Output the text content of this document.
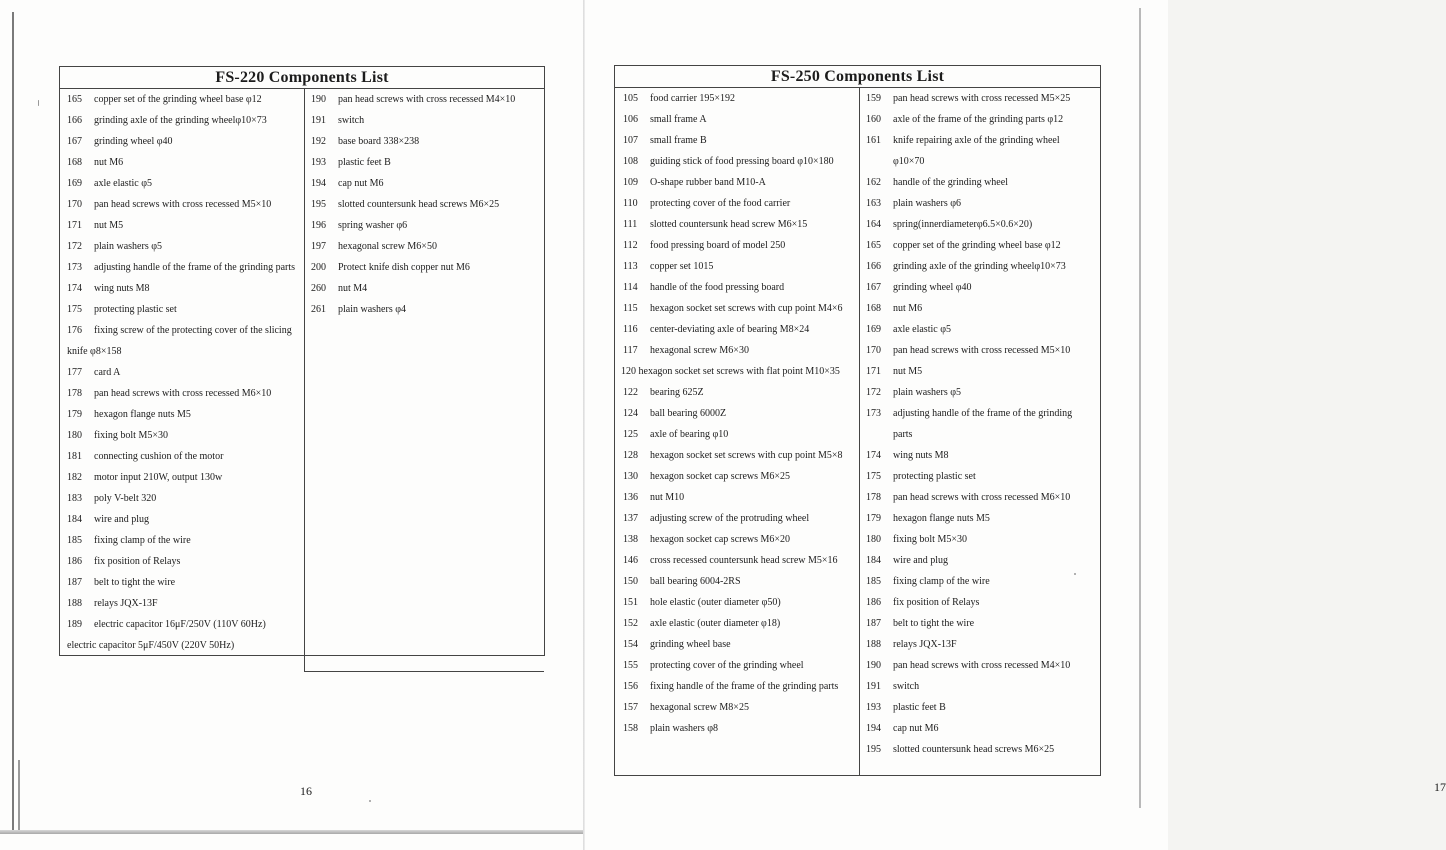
FS-220 Components List
165 copper set of the grinding wheel base φ12
166 grinding axle of the grinding wheelφ10×73
167 grinding wheel φ40
168 nut M6
169 axle elastic φ5
170 pan head screws with cross recessed M5×10
171 nut M5
172 plain washers φ5
173 adjusting handle of the frame of the grinding parts
174 wing nuts M8
175 protecting plastic set
176 fixing screw of the protecting cover of the slicing
knife φ8×158
177 card A
178 pan head screws with cross recessed M6×10
179 hexagon flange nuts M5
180 fixing bolt M5×30
181 connecting cushion of the motor
182 motor input 210W, output 130w
183 poly V-belt 320
184 wire and plug
185 fixing clamp of the wire
186 fix position of Relays
187 belt to tight the wire
188 relays JQX-13F
189 electric capacitor 16μF/250V (110V 60Hz)
electric capacitor 5μF/450V (220V 50Hz)
190 pan head screws with cross recessed M4×10
191 switch
192 base board 338×238
193 plastic feet B
194 cap nut M6
195 slotted countersunk head screws M6×25
196 spring washer φ6
197 hexagonal screw M6×50
200 Protect knife dish copper nut M6
260 nut M4
261 plain washers φ4
16	17
FS-250 Components List
105 food carrier 195×192
106 small frame A
107 small frame B
108 guiding stick of food pressing board φ10×180
109 O-shape rubber band M10-A
110 protecting cover of the food carrier
111 slotted countersunk head screw M6×15
112 food pressing board of model 250
113 copper set 1015
114 handle of the food pressing board
115 hexagon socket set screws with cup point M4×6
116 center-deviating axle of bearing M8×24
117 hexagonal screw M6×30
120 hexagon socket set screws with flat point M10×35
122 bearing 625Z
124 ball bearing 6000Z
125 axle of bearing φ10
128 hexagon socket set screws with cup point M5×8
130 hexagon socket cap screws M6×25
136 nut M10
137 adjusting screw of the protruding wheel
138 hexagon socket cap screws M6×20
146 cross recessed countersunk head screw M5×16
150 ball bearing 6004-2RS
151 hole elastic (outer diameter φ50)
152 axle elastic (outer diameter φ18)
154 grinding wheel base
155 protecting cover of the grinding wheel
156 fixing handle of the frame of the grinding parts
157 hexagonal screw M8×25
158 plain washers φ8
159 pan head screws with cross recessed M5×25
160 axle of the frame of the grinding parts φ12
161 knife repairing axle of the grinding wheel
φ10×70
162 handle of the grinding wheel
163 plain washers φ6
164 spring(innerdiameterφ6.5×0.6×20)
165 copper set of the grinding wheel base φ12
166 grinding axle of the grinding wheelφ10×73
167 grinding wheel φ40
168 nut M6
169 axle elastic φ5
170 pan head screws with cross recessed M5×10
171 nut M5
172 plain washers φ5
173 adjusting handle of the frame of the grinding
parts
174 wing nuts M8
175 protecting plastic set
178 pan head screws with cross recessed M6×10
179 hexagon flange nuts M5
180 fixing bolt M5×30
184 wire and plug
185 fixing clamp of the wire
186 fix position of Relays
187 belt to tight the wire
188 relays JQX-13F
190 pan head screws with cross recessed M4×10
191 switch
193 plastic feet B
194 cap nut M6
195 slotted countersunk head screws M6×25
